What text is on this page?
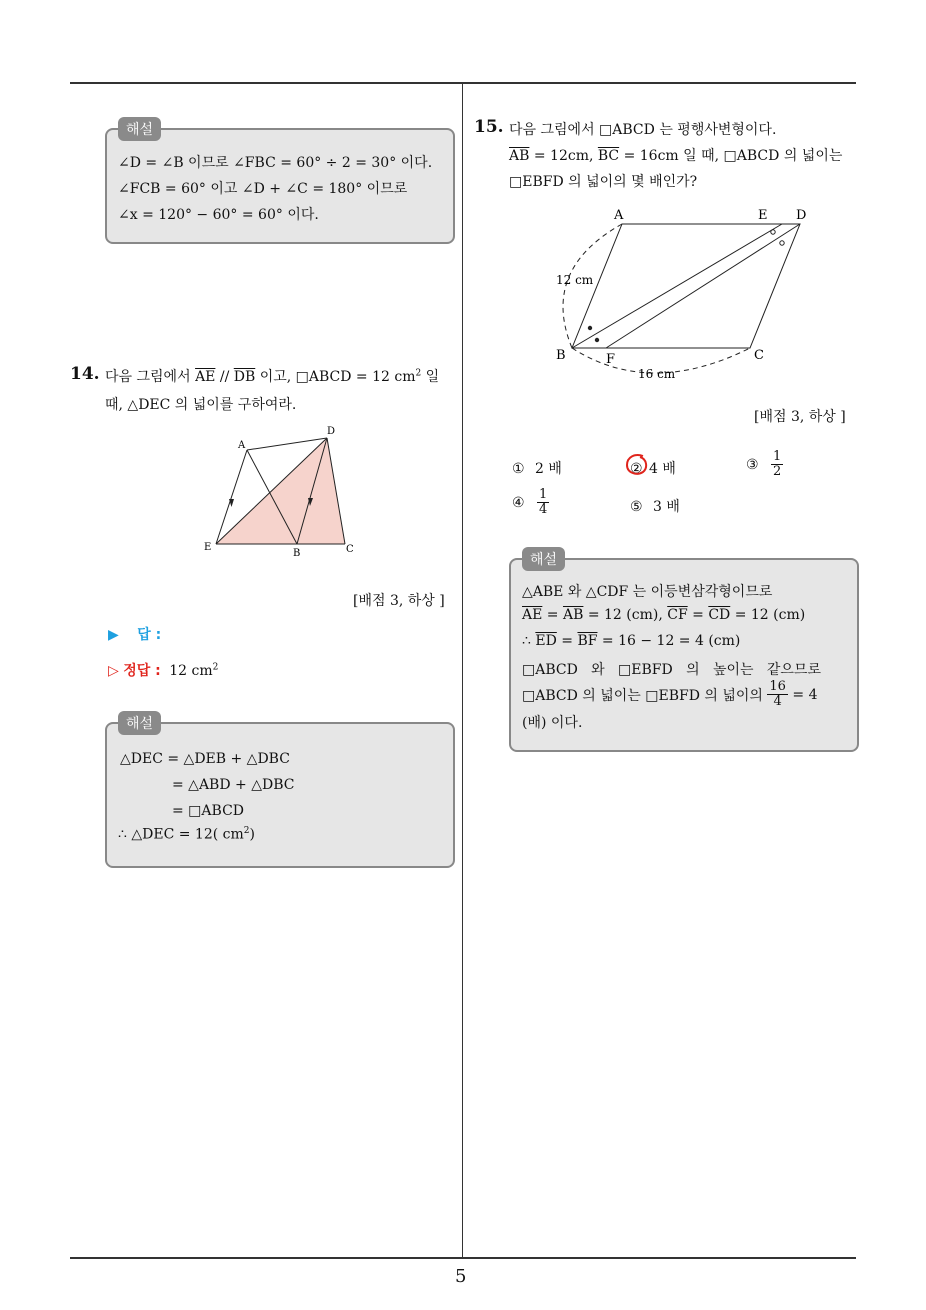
5
해설
∠D = ∠B 이므로 ∠FBC = 60° ÷ 2 = 30° 이다.
∠FCB = 60° 이고 ∠D + ∠C = 180° 이므로
∠x = 120° − 60° = 60° 이다.
14. 다음 그림에서 $\overline{AE} // \overline{DB}$ 이고, □ABCD = 12 $cm^2$ 일
때, △DEC 의 넓이를 구하여라.
A
D
E
B	C
[배점 3, 하상 ]
▶ 답 :
▷ 정답 : 12 $cm^2$
해설
△DEC = △DEB + △DBC
= △ABD + △DBC
= □ABCD
∴ △DEC = 12( $cm^2$)
15. 다음 그림에서 □ABCD 는 평행사변형이다.
$\overline{AB} = 12cm$, $\overline{BC} = 16cm$ 일 때, □ABCD 의 넓이는
□EBFD 의 넓이의 몇 배인가?
A	E D
B	F	C
12 cm
16 cm
[배점 3, 하상 ]
① 2 배	② 4 배	③ $\frac{1}{2}$
④ $\frac{1}{4}$	⑤ 3 배
해설
△ABE 와 △CDF 는 이등변삼각형이므로
$\overline{AE} = \overline{AB} = 12$ (cm), $\overline{CF} = \overline{CD} = 12$ (cm)
∴ $\overline{ED} = \overline{BF} = 16 - 12 = 4$ (cm)
□ABCD   와   □EBFD   의   높이는   같으므로
□ABCD 의 넓이는 □EBFD 의 넓이의 $\frac{16}{4} = 4$
(배) 이다.
